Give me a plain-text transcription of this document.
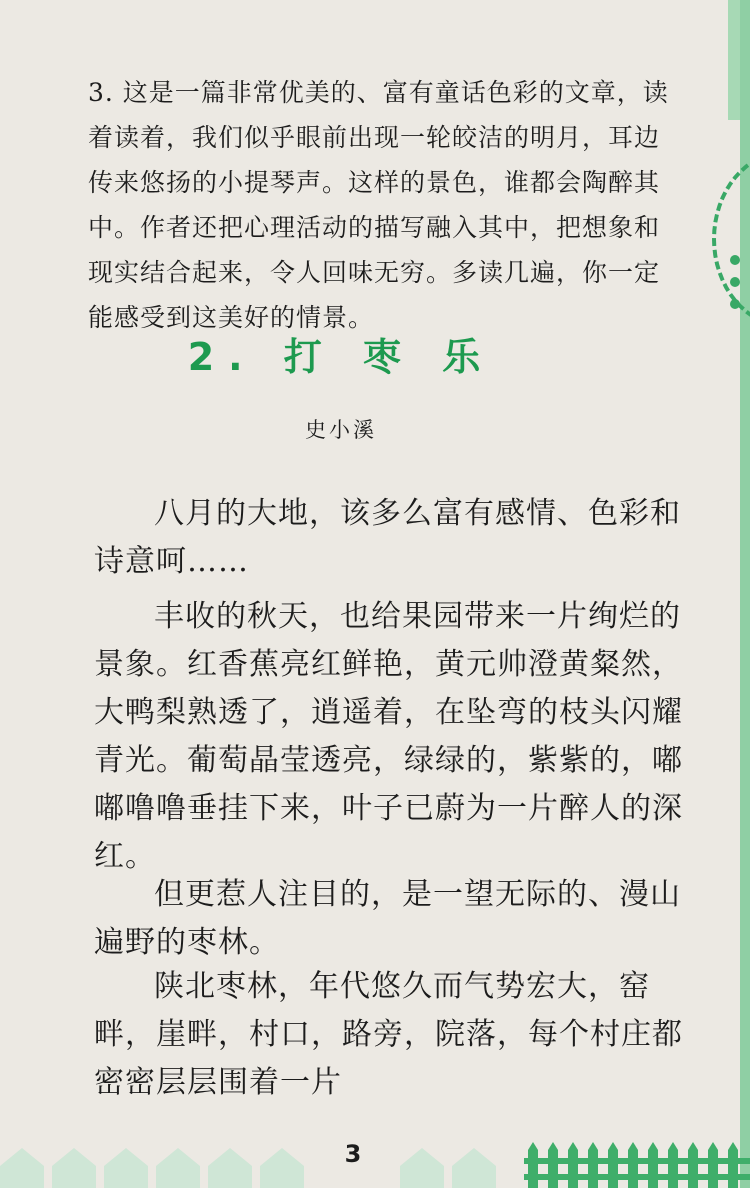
3. 这是一篇非常优美的、富有童话色彩的文章，读着读着，我们似乎眼前出现一轮皎洁的明月，耳边传来悠扬的小提琴声。这样的景色，谁都会陶醉其中。作者还把心理活动的描写融入其中，把想象和现实结合起来，令人回味无穷。多读几遍，你一定能感受到这美好的情景。
2. 打 枣 乐
史小溪

八月的大地，该多么富有感情、色彩和诗意呵……

丰收的秋天，也给果园带来一片绚烂的景象。红香蕉亮红鲜艳，黄元帅澄黄粲然，大鸭梨熟透了，逍遥着，在坠弯的枝头闪耀青光。葡萄晶莹透亮，绿绿的，紫紫的，嘟嘟噜噜垂挂下来，叶子已蔚为一片醉人的深红。

但更惹人注目的，是一望无际的、漫山遍野的枣林。

陕北枣林，年代悠久而气势宏大，窑畔，崖畔，村口，路旁，院落，每个村庄都密密层层围着一片

3
